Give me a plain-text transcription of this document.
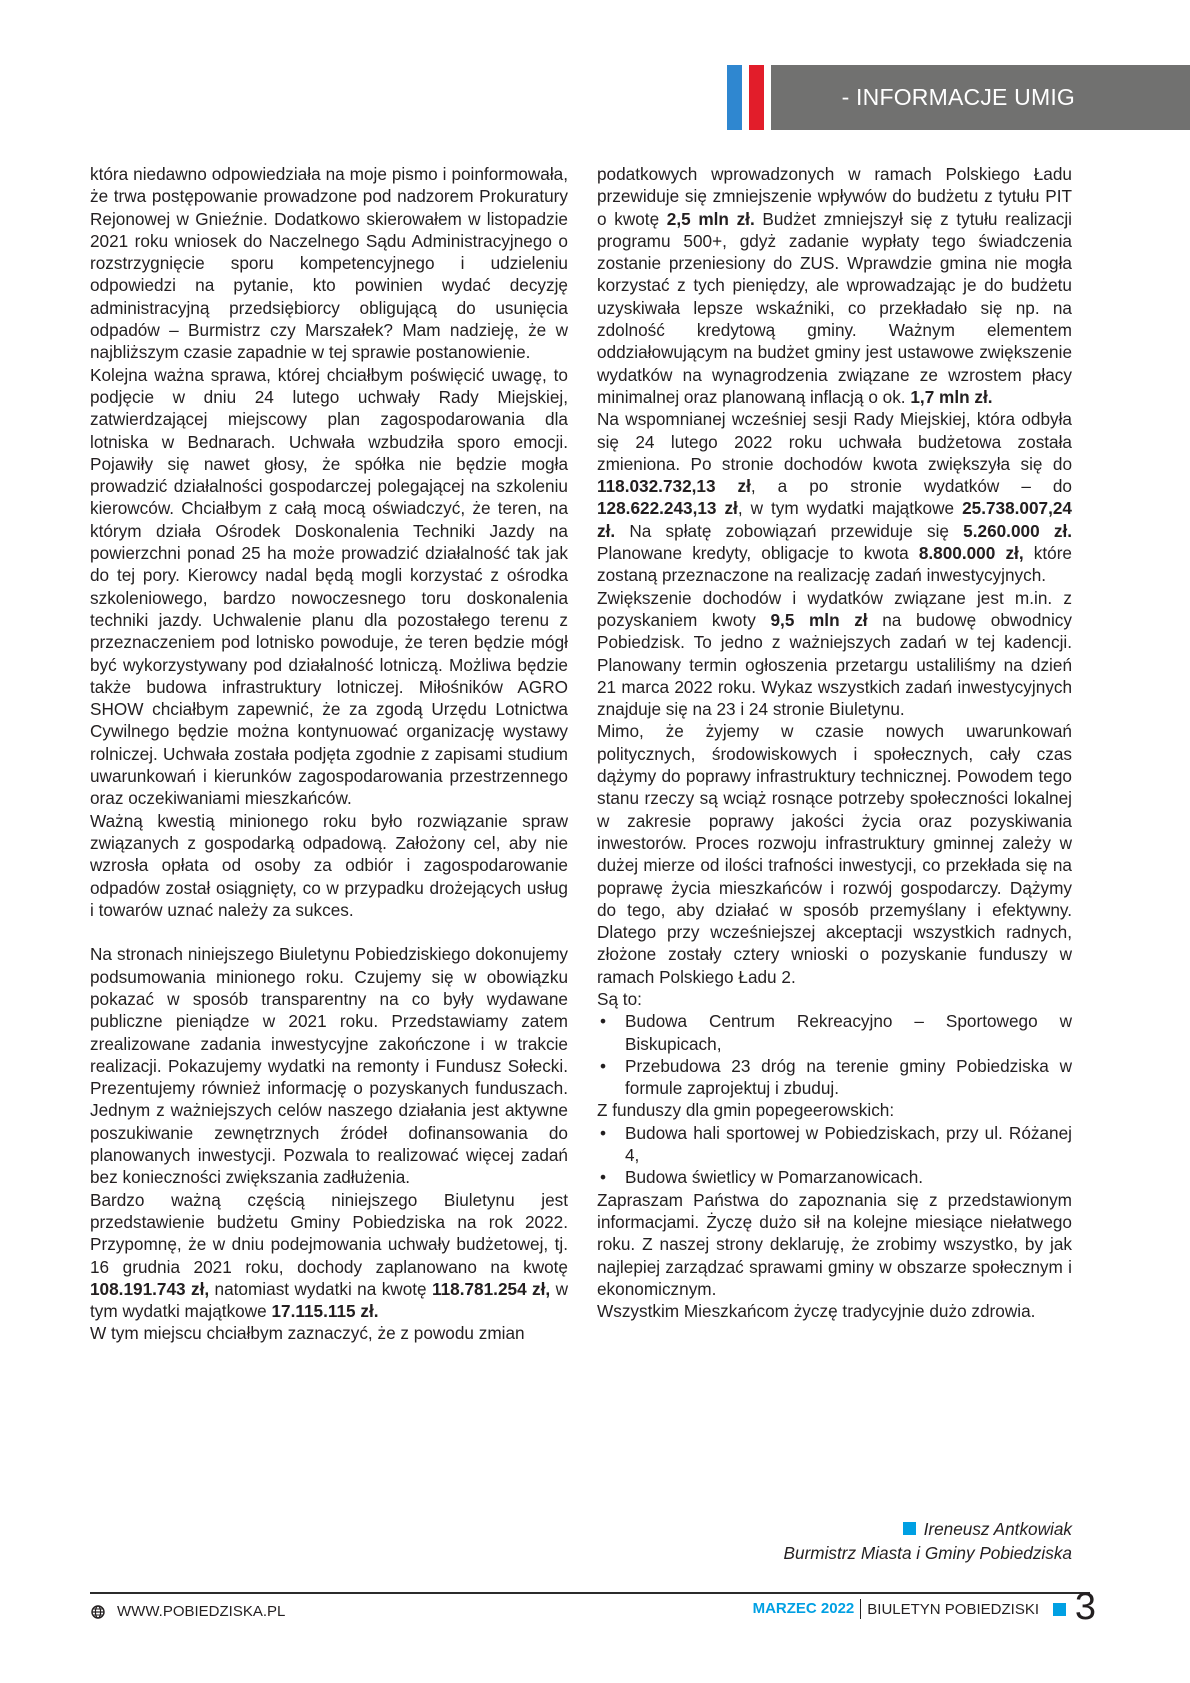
- INFORMACJE UMIG

która niedawno odpowiedziała na moje pismo i poinformowała, że trwa postępowanie prowadzone pod nadzorem Prokuratury Rejonowej w Gnieźnie. Dodatkowo skierowałem w listopadzie 2021 roku wniosek do Naczelnego Sądu Administracyjnego o rozstrzygnięcie sporu kompetencyjnego i udzieleniu odpowiedzi na pytanie, kto powinien wydać decyzję administracyjną przedsiębiorcy obligującą do usunięcia odpadów – Burmistrz czy Marszałek? Mam nadzieję, że w najbliższym czasie zapadnie w tej sprawie postanowienie.

Kolejna ważna sprawa, której chciałbym poświęcić uwagę, to podjęcie w dniu 24 lutego uchwały Rady Miejskiej, zatwierdzającej miejscowy plan zagospodarowania dla lotniska w Bednarach. Uchwała wzbudziła sporo emocji. Pojawiły się nawet głosy, że spółka nie będzie mogła prowadzić działalności gospodarczej polegającej na szkoleniu kierowców. Chciałbym z całą mocą oświadczyć, że teren, na którym działa Ośrodek Doskonalenia Techniki Jazdy na powierzchni ponad 25 ha może prowadzić działalność tak jak do tej pory. Kierowcy nadal będą mogli korzystać z ośrodka szkoleniowego, bardzo nowoczesnego toru doskonalenia techniki jazdy. Uchwalenie planu dla pozostałego terenu z przeznaczeniem pod lotnisko powoduje, że teren będzie mógł być wykorzystywany pod działalność lotniczą. Możliwa będzie także budowa infrastruktury lotniczej. Miłośników AGRO SHOW chciałbym zapewnić, że za zgodą Urzędu Lotnictwa Cywilnego będzie można kontynuować organizację wystawy rolniczej. Uchwała została podjęta zgodnie z zapisami studium uwarunkowań i kierunków zagospodarowania przestrzennego oraz oczekiwaniami mieszkańców.

Ważną kwestią minionego roku było rozwiązanie spraw związanych z gospodarką odpadową. Założony cel, aby nie wzrosła opłata od osoby za odbiór i zagospodarowanie odpadów został osiągnięty, co w przypadku drożejących usług i towarów uznać należy za sukces.

Na stronach niniejszego Biuletynu Pobiedziskiego dokonujemy podsumowania minionego roku. Czujemy się w obowiązku pokazać w sposób transparentny na co były wydawane publiczne pieniądze w 2021 roku. Przedstawiamy zatem zrealizowane zadania inwestycyjne zakończone i w trakcie realizacji. Pokazujemy wydatki na remonty i Fundusz Sołecki. Prezentujemy również informację o pozyskanych funduszach. Jednym z ważniejszych celów naszego działania jest aktywne poszukiwanie zewnętrznych źródeł dofinansowania do planowanych inwestycji. Pozwala to realizować więcej zadań bez konieczności zwiększania zadłużenia.

Bardzo ważną częścią niniejszego Biuletynu jest przedstawienie budżetu Gminy Pobiedziska na rok 2022. Przypomnę, że w dniu podejmowania uchwały budżetowej, tj. 16 grudnia 2021 roku, dochody zaplanowano na kwotę 108.191.743 zł, natomiast wydatki na kwotę 118.781.254 zł, w tym wydatki majątkowe 17.115.115 zł.

W tym miejscu chciałbym zaznaczyć, że z powodu zmian

podatkowych wprowadzonych w ramach Polskiego Ładu przewiduje się zmniejszenie wpływów do budżetu z tytułu PIT o kwotę 2,5 mln zł. Budżet zmniejszył się z tytułu realizacji programu 500+, gdyż zadanie wypłaty tego świadczenia zostanie przeniesiony do ZUS. Wprawdzie gmina nie mogła korzystać z tych pieniędzy, ale wprowadzając je do budżetu uzyskiwała lepsze wskaźniki, co przekładało się np. na zdolność kredytową gminy. Ważnym elementem oddziałowującym na budżet gminy jest ustawowe zwiększenie wydatków na wynagrodzenia związane ze wzrostem płacy minimalnej oraz planowaną inflacją o ok. 1,7 mln zł.

Na wspomnianej wcześniej sesji Rady Miejskiej, która odbyła się 24 lutego 2022 roku uchwała budżetowa została zmieniona. Po stronie dochodów kwota zwiększyła się do 118.032.732,13 zł, a po stronie wydatków – do 128.622.243,13 zł, w tym wydatki majątkowe 25.738.007,24 zł. Na spłatę zobowiązań przewiduje się 5.260.000 zł. Planowane kredyty, obligacje to kwota 8.800.000 zł, które zostaną przeznaczone na realizację zadań inwestycyjnych.

Zwiększenie dochodów i wydatków związane jest m.in. z pozyskaniem kwoty 9,5 mln zł na budowę obwodnicy Pobiedzisk. To jedno z ważniejszych zadań w tej kadencji. Planowany termin ogłoszenia przetargu ustaliliśmy na dzień 21 marca 2022 roku. Wykaz wszystkich zadań inwestycyjnych znajduje się na 23 i 24 stronie Biuletynu.

Mimo, że żyjemy w czasie nowych uwarunkowań politycznych, środowiskowych i społecznych, cały czas dążymy do poprawy infrastruktury technicznej. Powodem tego stanu rzeczy są wciąż rosnące potrzeby społeczności lokalnej w zakresie poprawy jakości życia oraz pozyskiwania inwestorów. Proces rozwoju infrastruktury gminnej zależy w dużej mierze od ilości trafności inwestycji, co przekłada się na poprawę życia mieszkańców i rozwój gospodarczy. Dążymy do tego, aby działać w sposób przemyślany i efektywny. Dlatego przy wcześniejszej akceptacji wszystkich radnych, złożone zostały cztery wnioski o pozyskanie funduszy w ramach Polskiego Ładu 2.

Są to:

• Budowa Centrum Rekreacyjno – Sportowego w Biskupicach,
• Przebudowa 23 dróg na terenie gminy Pobiedziska w formule zaprojektuj i zbuduj.

Z funduszy dla gmin popegeerowskich:

• Budowa hali sportowej w Pobiedziskach, przy ul. Różanej 4,
• Budowa świetlicy w Pomarzanowicach.

Zapraszam Państwa do zapoznania się z przedstawionym informacjami. Życzę dużo sił na kolejne miesiące niełatwego roku. Z naszej strony deklaruję, że zrobimy wszystko, by jak najlepiej zarządzać sprawami gminy w obszarze społecznym i ekonomicznym.

Wszystkim Mieszkańcom życzę tradycyjnie dużo zdrowia.

Ireneusz Antkowiak
Burmistrz Miasta i Gminy Pobiedziska
WWW.POBIEDZISKA.PL	MARZEC 2022 BIULETYN POBIEDZISKI 3
